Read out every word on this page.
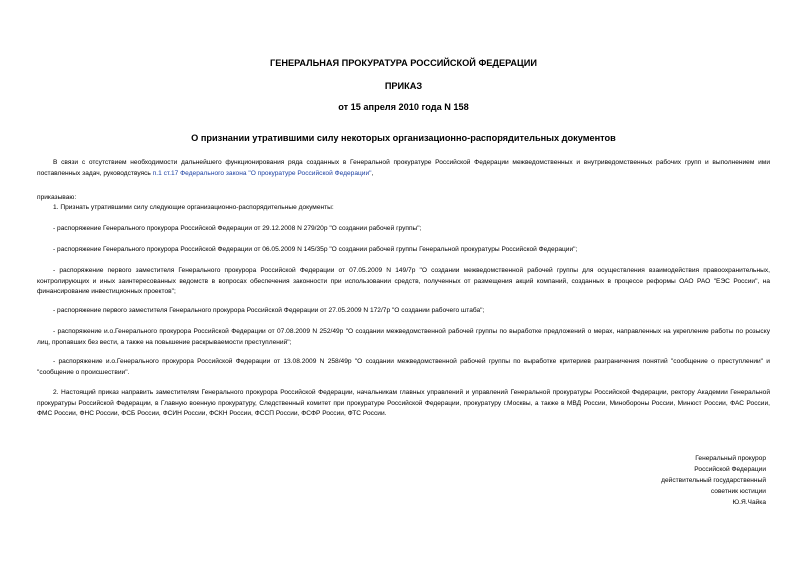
ГЕНЕРАЛЬНАЯ ПРОКУРАТУРА РОССИЙСКОЙ ФЕДЕРАЦИИ
ПРИКАЗ
от 15 апреля 2010 года N 158
О признании утратившими силу некоторых организационно-распорядительных документов
В связи с отсутствием необходимости дальнейшего функционирования ряда созданных в Генеральной прокуратуре Российской Федерации межведомственных и внутриведомственных рабочих групп и выполнением ими поставленных задач, руководствуясь п.1 ст.17 Федерального закона "О прокуратуре Российской Федерации",
приказываю:
1. Признать утратившими силу следующие организационно-распорядительные документы:
- распоряжение Генерального прокурора Российской Федерации от 29.12.2008 N 279/20р "О создании рабочей группы";
- распоряжение Генерального прокурора Российской Федерации от 06.05.2009 N 145/35р "О создании рабочей группы Генеральной прокуратуры Российской Федерации";
- распоряжение первого заместителя Генерального прокурора Российской Федерации от 07.05.2009 N 149/7р "О создании межведомственной рабочей группы для осуществления взаимодействия правоохранительных, контролирующих и иных заинтересованных ведомств в вопросах обеспечения законности при использовании средств, полученных от размещения акций компаний, созданных в процессе реформы ОАО РАО "ЕЭС России", на финансирование инвестиционных проектов";
- распоряжение первого заместителя Генерального прокурора Российской Федерации от 27.05.2009 N 172/7р "О создании рабочего штаба";
- распоряжение и.о.Генерального прокурора Российской Федерации от 07.08.2009 N 252/49р "О создании межведомственной рабочей группы по выработке предложений о мерах, направленных на укрепление работы по розыску лиц, пропавших без вести, а также на повышение раскрываемости преступлений";
- распоряжение и.о.Генерального прокурора Российской Федерации от 13.08.2009 N 258/49р "О создании межведомственной рабочей группы по выработке критериев разграничения понятий "сообщение о преступлении" и "сообщение о происшествии".
2. Настоящий приказ направить заместителям Генерального прокурора Российской Федерации, начальникам главных управлений и управлений Генеральной прокуратуры Российской Федерации, ректору Академии Генеральной прокуратуры Российской Федерации, в Главную военную прокуратуру, Следственный комитет при прокуратуре Российской Федерации, прокуратуру г.Москвы, а также в МВД России, Минобороны России, Минюст России, ФАС России, ФМС России, ФНС России, ФСБ России, ФСИН России, ФСКН России, ФССП России, ФСФР России, ФТС России.
Генеральный прокурор
Российской Федерации
действительный государственный
советник юстиции
Ю.Я.Чайка
